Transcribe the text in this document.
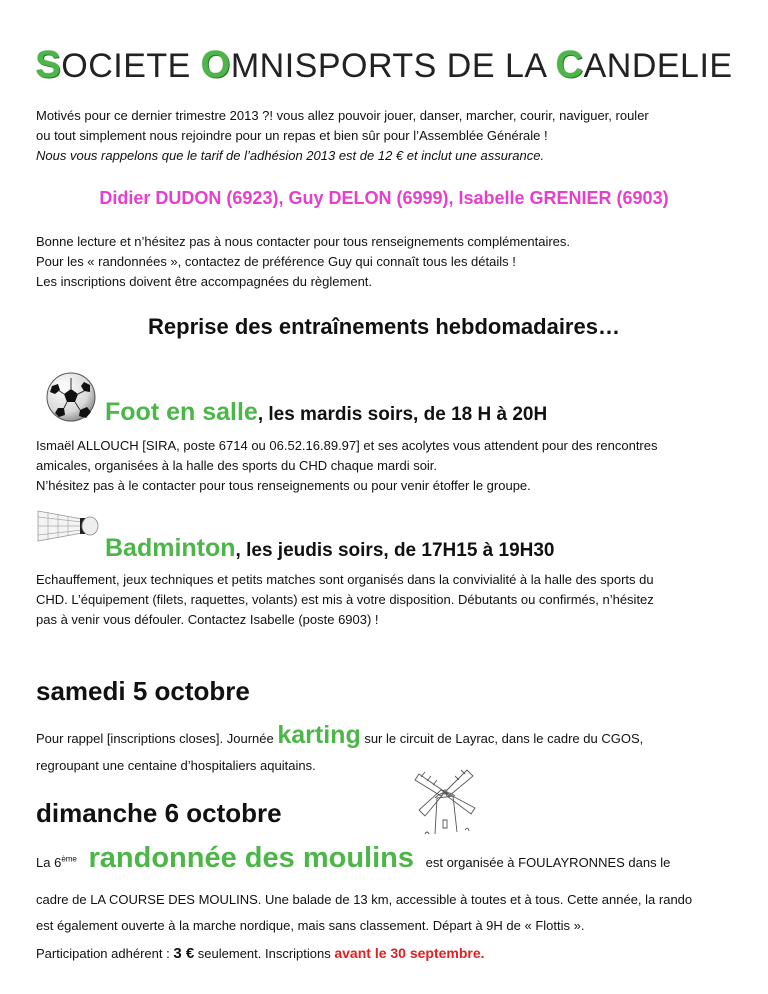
SOCIETE OMNISPORTS DE LA CANDELIE
Motivés pour ce dernier trimestre 2013 ?! vous allez pouvoir jouer, danser, marcher, courir, naviguer, rouler
ou tout simplement nous rejoindre pour un repas et bien sûr pour l’Assemblée Générale !
Nous vous rappelons que le tarif de l’adhésion 2013 est de 12 € et inclut une assurance.
Didier DUDON (6923), Guy DELON (6999), Isabelle GRENIER (6903)
Bonne lecture et n’hésitez pas à nous contacter pour tous renseignements complémentaires.
Pour les « randonnées », contactez de préférence Guy qui connaît tous les détails !
Les inscriptions doivent être accompagnées du règlement.
Reprise des entraînements hebdomadaires…
Foot en salle, les mardis soirs, de 18 H à 20H
Ismaël ALLOUCH [SIRA, poste 6714 ou 06.52.16.89.97] et ses acolytes vous attendent pour des rencontres
amicales, organisées à la halle des sports du CHD chaque mardi soir.
N’hésitez pas à le contacter pour tous renseignements ou pour venir étoffer le groupe.
Badminton, les jeudis soirs, de 17H15 à 19H30
Echauffement, jeux techniques et petits matches sont organisés dans la convivialité à la halle des sports du
CHD. L’équipement (filets, raquettes, volants) est mis à votre disposition. Débutants ou confirmés, n’hésitez
pas à venir vous défouler. Contactez Isabelle (poste 6903) !
samedi 5 octobre
Pour rappel [inscriptions closes]. Journée karting sur le circuit de Layrac, dans le cadre du CGOS,
regroupant une centaine d’hospitaliers aquitains.
dimanche 6 octobre
La 6ème randonnée des moulins est organisée à FOULAYRONNES dans le
cadre de LA COURSE DES MOULINS. Une balade de 13 km, accessible à toutes et à tous. Cette année, la rando
est également ouverte à la marche nordique, mais sans classement. Départ à 9H de « Flottis ».
Participation adhérent : 3 € seulement. Inscriptions avant le 30 septembre.
